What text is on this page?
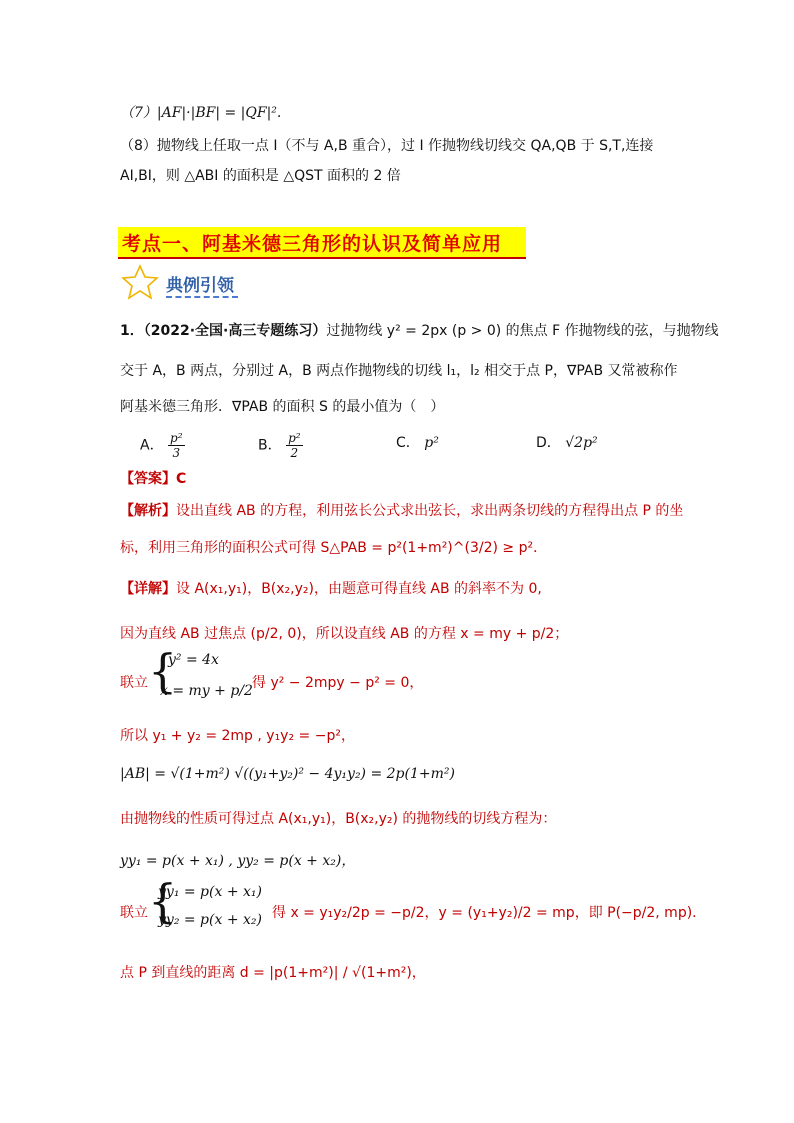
（7）|AF|·|BF| = |QF|².
（8）抛物线上任取一点 I（不与 A,B 重合），过 I 作抛物线切线交 QA,QB 于 S,T,连接
AI,BI，则 △ABI 的面积是 △QST 面积的 2 倍
考点一、阿基米德三角形的认识及简单应用
典例引领
1．（2022·全国·高三专题练习）过抛物线 y² = 2px (p > 0) 的焦点 F 作抛物线的弦，与抛物线
交于 A，B 两点，分别过 A，B 两点作抛物线的切线 l₁，l₂ 相交于点 P，∇PAB 又常被称作
阿基米德三角形．∇PAB 的面积 S 的最小值为（　）
A． $\frac{\text{p²}}{3}$	B． $\frac{\text{p²}}{2}$	C． p²	D． √2p²
【答案】C
【解析】设出直线 AB 的方程，利用弦长公式求出弦长，求出两条切线的方程得出点 P 的坐
标，利用三角形的面积公式可得 S△PAB = p²(1+m²)^(3/2) ≥ p²．
【详解】设 A(x₁,y₁)，B(x₂,y₂)，由题意可得直线 AB 的斜率不为 0,
因为直线 AB 过焦点 (p/2, 0)，所以设直线 AB 的方程 x = my + p/2；
联立 {
y² = 4x
x = my + p/2 得 y² − 2mpy − p² = 0，
所以 y₁ + y₂ = 2mp , y₁y₂ = −p²，
|AB| = √(1+m²) √((y₁+y₂)² − 4y₁y₂) = 2p(1+m²)
由抛物线的性质可得过点 A(x₁,y₁)，B(x₂,y₂) 的抛物线的切线方程为：
yy₁ = p(x + x₁) , yy₂ = p(x + x₂)，
联立 {
yy₁ = p(x + x₁)
yy₂ = p(x + x₂) 得 x = y₁y₂/2p = −p/2，y = (y₁+y₂)/2 = mp，即 P(−p/2, mp)．
点 P 到直线的距离 d = |p(1+m²)| / √(1+m²)，
